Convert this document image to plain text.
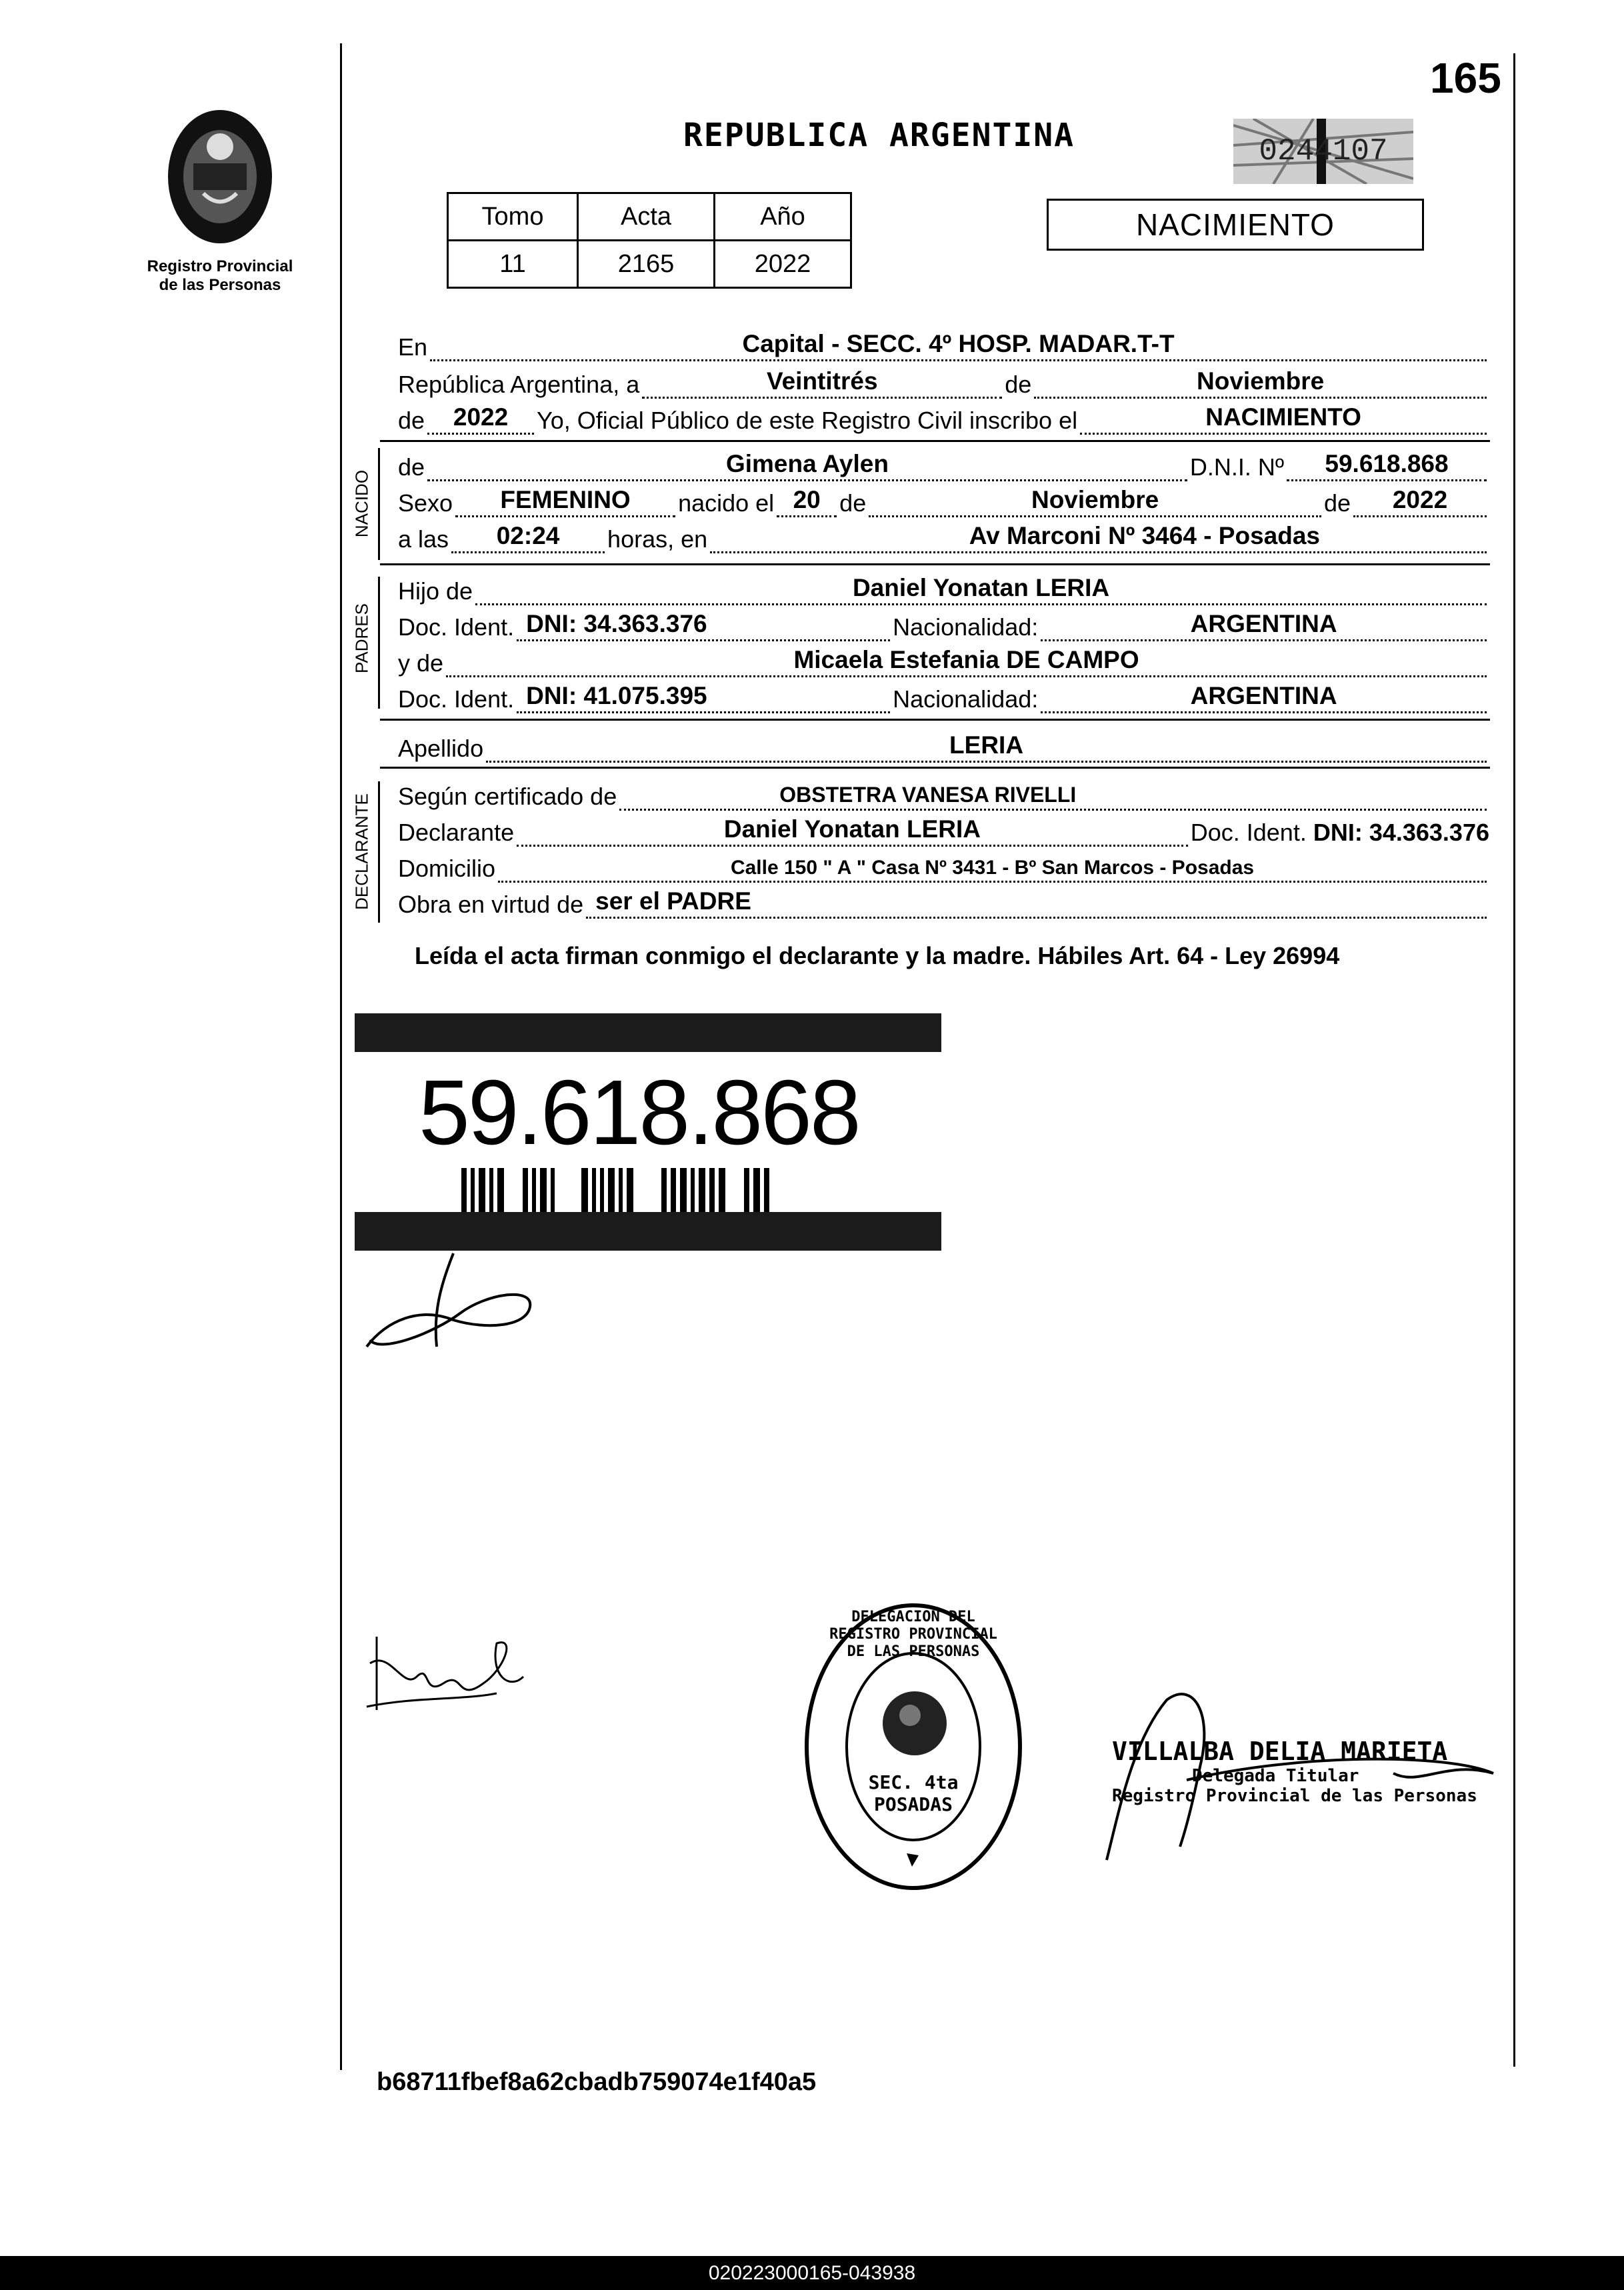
Registro Provincial
de las Personas
165
REPUBLICA ARGENTINA	0244107
Tomo	Acta	Año
11	2165	2022
NACIMIENTO
En	Capital - SECC. 4º HOSP. MADAR.T-T
República Argentina, a	Veintitrés	de	Noviembre
de	2022	Yo, Oficial Público de este Registro Civil inscribo el	NACIMIENTO
NACIDO
de	Gimena Aylen	D.N.I. Nº	59.618.868
Sexo	FEMENINO	nacido el 20 de	Noviembre	de	2022
a las	02:24	horas, en	Av Marconi Nº 3464 - Posadas
PADRES
Hijo de	Daniel Yonatan LERIA
Doc. Ident. DNI: 34.363.376	Nacionalidad:	ARGENTINA
y de	Micaela Estefania DE CAMPO
Doc. Ident. DNI: 41.075.395	Nacionalidad:	ARGENTINA
Apellido	LERIA
DECLARANTE Según certificado de	OBSTETRA VANESA RIVELLI
Declarante	Daniel Yonatan LERIA	Doc. Ident. DNI: 34.363.376
Domicilio	Calle 150 " A " Casa Nº 3431 - Bº San Marcos - Posadas
Obra en virtud de ser el PADRE
Leída el acta firman conmigo el declarante y la madre. Hábiles Art. 64 - Ley 26994
59.618.868
DELEGACION DEL REGISTRO PROVINCIAL DE LAS PERSONAS
SEC. 4ta POSADAS
VILLALBA DELIA MARIETA
Delegada Titular
Registro Provincial de las Personas
b68711fbef8a62cbadb759074e1f40a5
020223000165-043938
